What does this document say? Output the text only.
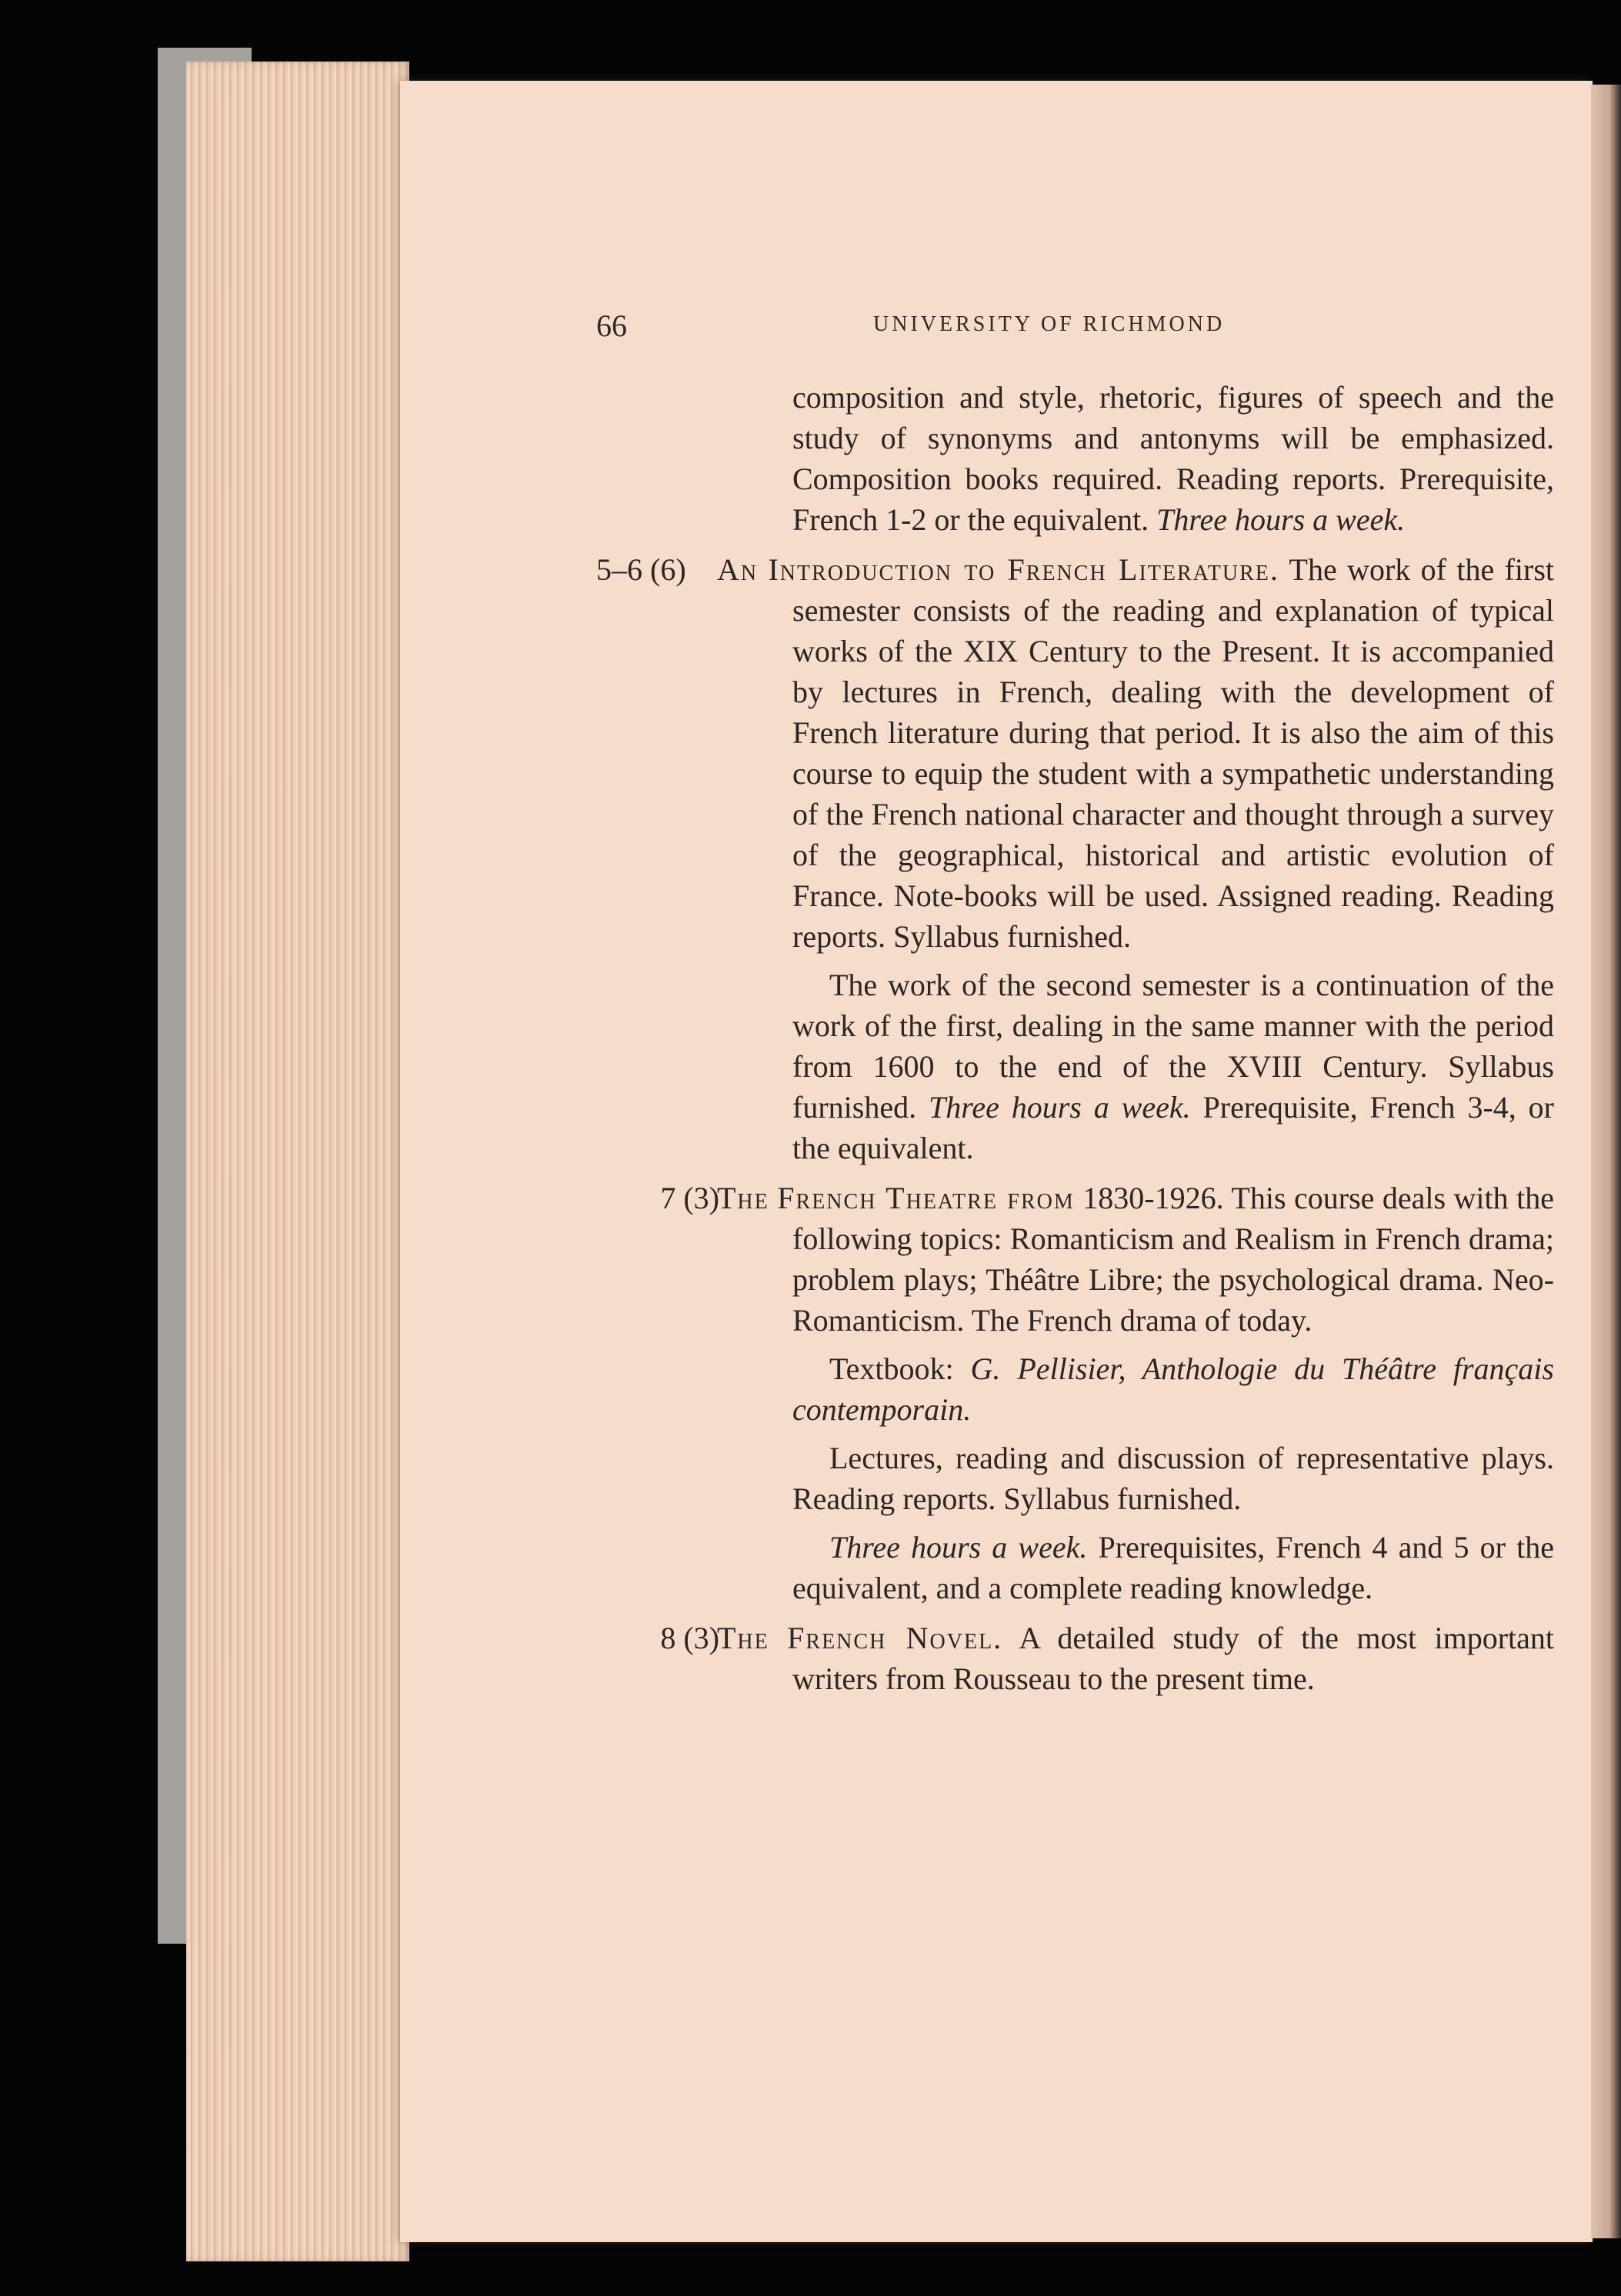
66	UNIVERSITY OF RICHMOND
composition and style, rhetoric, figures of speech and the study of synonyms and antonyms will be emphasized. Composition books required. Reading reports. Prerequisite, French 1-2 or the equivalent. Three hours a week.
5–6 (6)	An Introduction to French Literature. The work of the first semester consists of the reading and explanation of typical works of the XIX Century to the Present. It is accompanied by lectures in French, dealing with the development of French literature during that period. It is also the aim of this course to equip the student with a sympathetic understanding of the French national character and thought through a survey of the geographical, historical and artistic evolution of France. Note-books will be used. Assigned reading. Reading reports. Syllabus furnished.
The work of the second semester is a continuation of the work of the first, dealing in the same manner with the period from 1600 to the end of the XVIII Century. Syllabus furnished. Three hours a week. Prerequisite, French 3-4, or the equivalent.
7 (3)
The French Theatre from 1830-1926. This course deals with the following topics: Romanticism and Realism in French drama; problem plays; Théâtre Libre; the psychological drama. Neo-Romanticism. The French drama of today.
Textbook: G. Pellisier, Anthologie du Théâtre français contemporain.
Lectures, reading and discussion of representative plays. Reading reports. Syllabus furnished.
Three hours a week. Prerequisites, French 4 and 5 or the equivalent, and a complete reading knowledge.
8 (3)
The French Novel. A detailed study of the most important writers from Rousseau to the present time.
